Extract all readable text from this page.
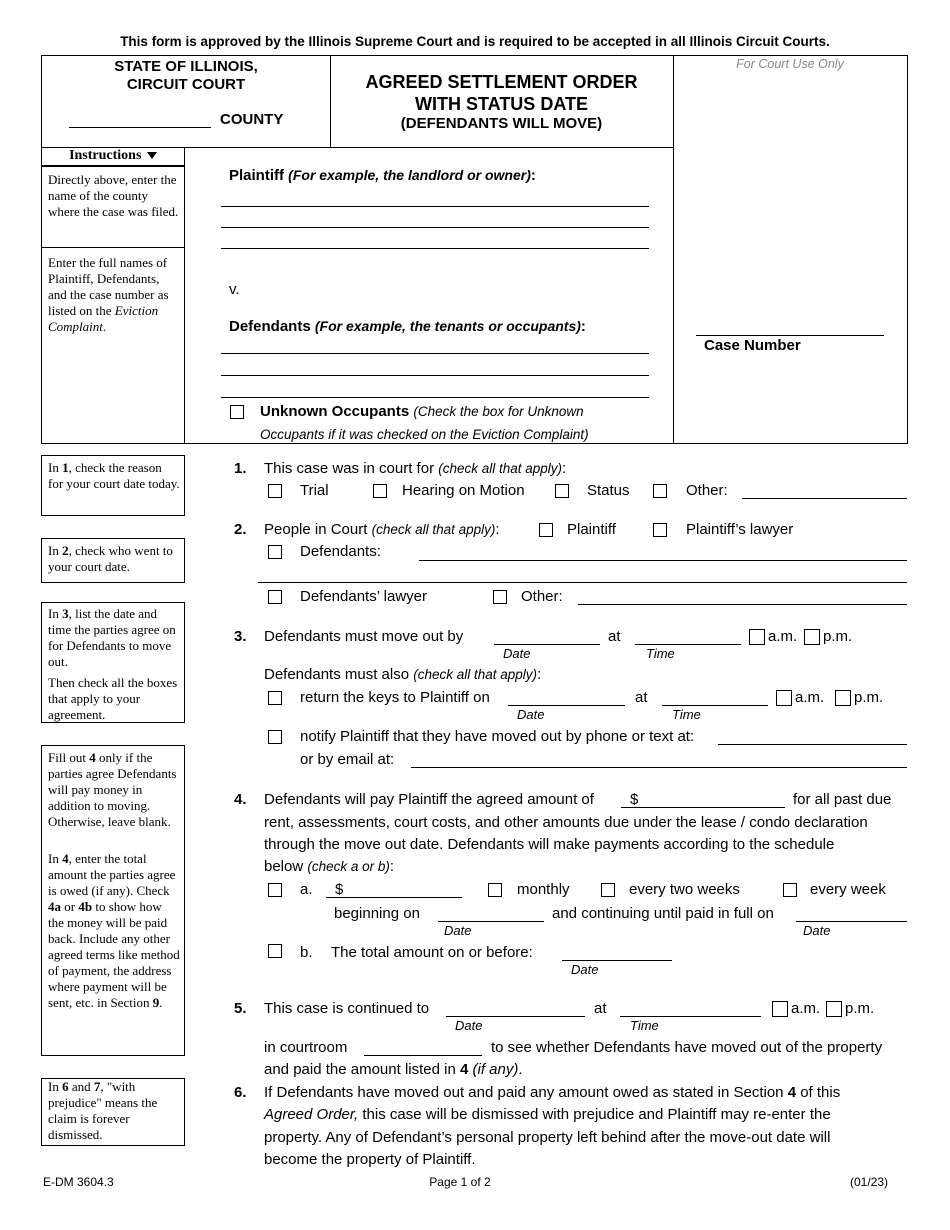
This form is approved by the Illinois Supreme Court and is required to be accepted in all Illinois Circuit Courts.
STATE OF ILLINOIS,
CIRCUIT COURT
COUNTY
AGREED SETTLEMENT ORDER
WITH STATUS DATE
(DEFENDANTS WILL MOVE)
For Court Use Only
Case Number
Instructions
Directly above, enter the name of the county where the case was filed.
Enter the full names of Plaintiff, Defendants, and the case number as listed on the Eviction Complaint.
Plaintiff (For example, the landlord or owner):
v.
Defendants (For example, the tenants or occupants):
Unknown Occupants (Check the box for Unknown
Occupants if it was checked on the Eviction Complaint)
In 1, check the reason for your court date today.
In 2, check who went to your court date.
In 3, list the date and time the parties agree on for Defendants to move out.
Then check all the boxes that apply to your agreement.
Fill out 4 only if the parties agree Defendants will pay money in addition to moving. Otherwise, leave blank.
In 4, enter the total amount the parties agree is owed (if any). Check 4a or 4b to show how the money will be paid back. Include any other agreed terms like method of payment, the address where payment will be sent, etc. in Section 9.
In 6 and 7, "with prejudice" means the claim is forever dismissed.
1. This case was in court for (check all that apply):
Trial	Hearing on Motion	Status	Other:
2. People in Court (check all that apply):	Plaintiff	Plaintiff’s lawyer
Defendants:
Defendants’ lawyer	Other:
3. Defendants must move out by
Date
at
Time
a.m. p.m.
Defendants must also (check all that apply):
return the keys to Plaintiff on
Date
at
Time
a.m. p.m.
notify Plaintiff that they have moved out by phone or text at:
or by email at:
4. Defendants will pay Plaintiff the agreed amount of $	for all past due
rent, assessments, court costs, and other amounts due under the lease / condo declaration
through the move out date. Defendants will make payments according to the schedule
below (check a or b):
a. $	monthly	every two weeks	every week
beginning on
Date
and continuing until paid in full on
Date
b. The total amount on or before:
Date
5. This case is continued to
Date
at
Time
a.m. p.m.
in courtroom	to see whether Defendants have moved out of the property
and paid the amount listed in 4 (if any).
6. If Defendants have moved out and paid any amount owed as stated in Section 4 of this
Agreed Order, this case will be dismissed with prejudice and Plaintiff may re-enter the
property. Any of Defendant’s personal property left behind after the move-out date will
become the property of Plaintiff.
E-DM 3604.3	Page 1 of 2	(01/23)
